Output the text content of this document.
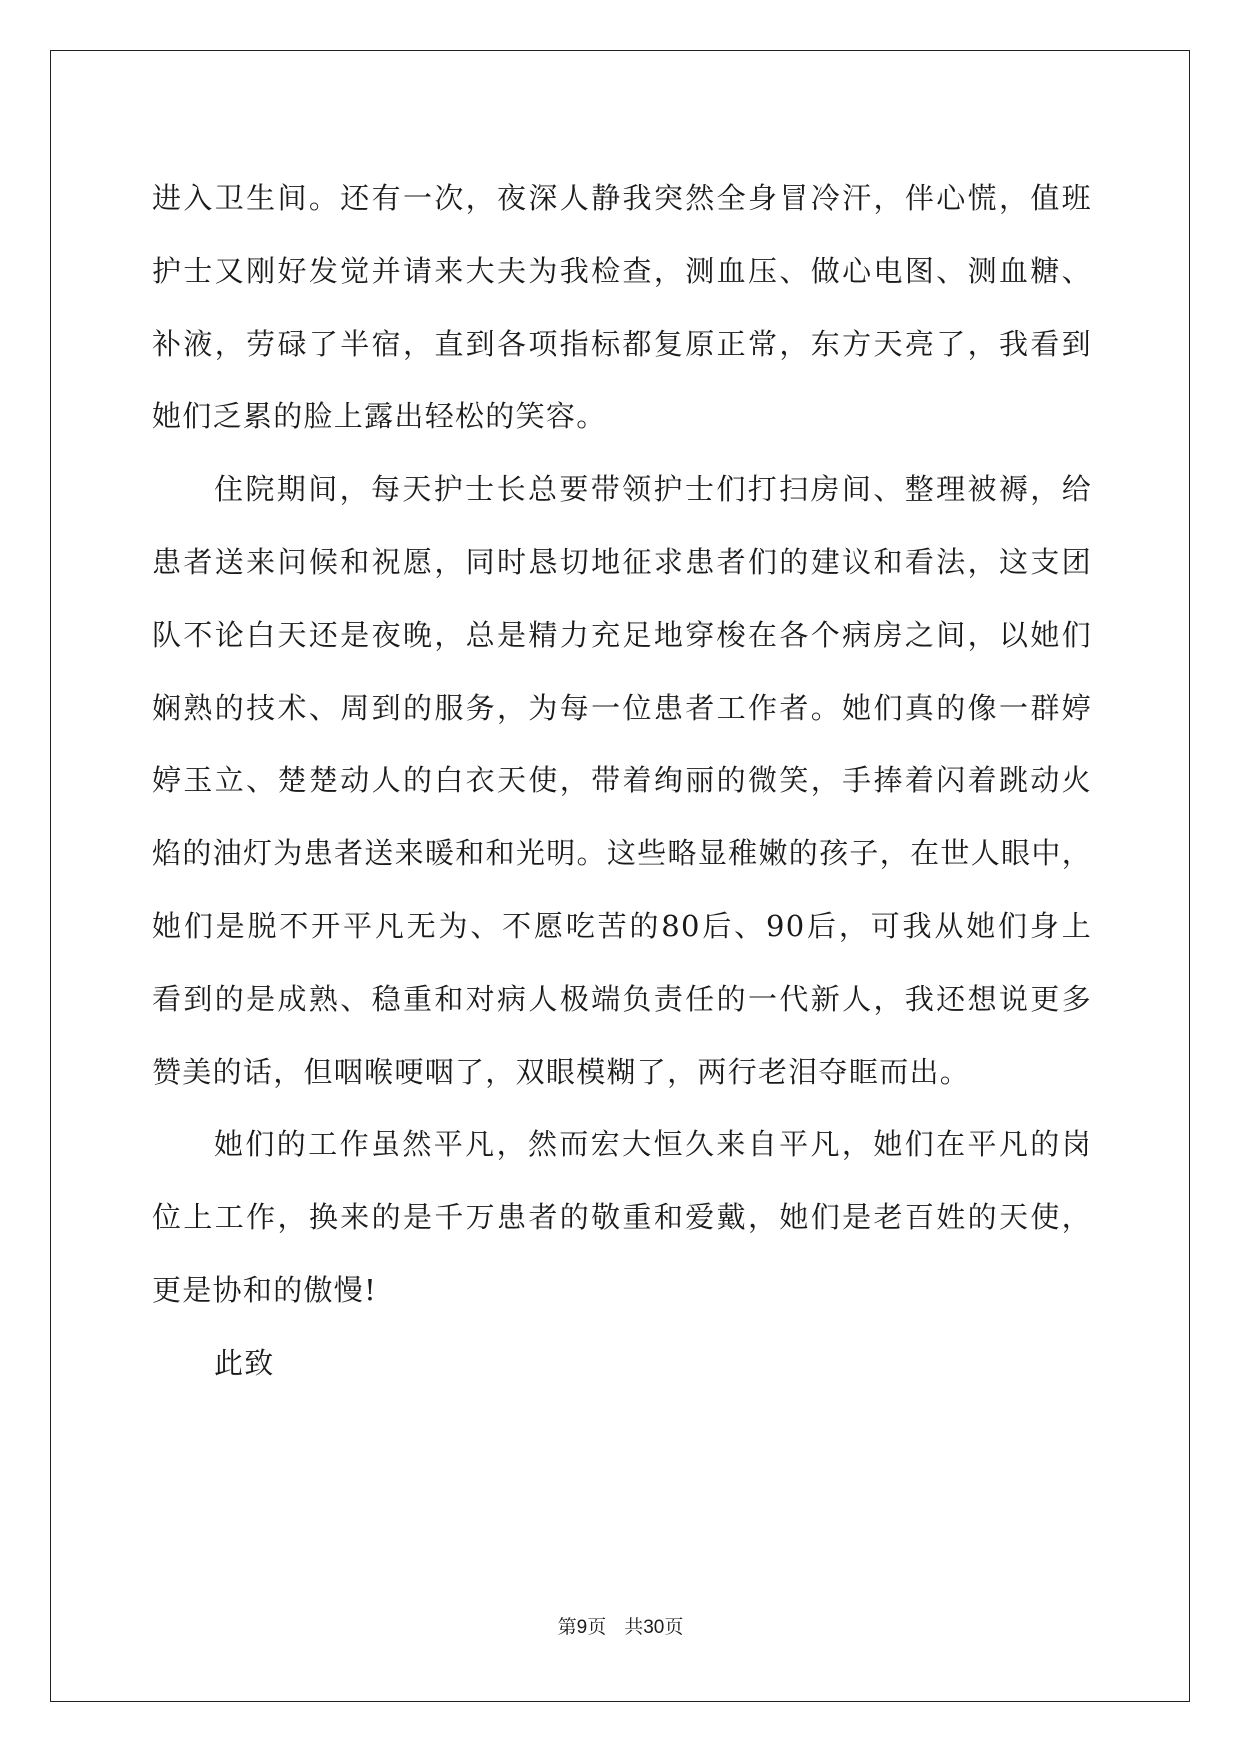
进入卫生间。还有一次，夜深人静我突然全身冒冷汗，伴心慌，值班
护士又刚好发觉并请来大夫为我检查，测血压、做心电图、测血糖、
补液，劳碌了半宿，直到各项指标都复原正常，东方天亮了，我看到
她们乏累的脸上露出轻松的笑容。
住院期间，每天护士长总要带领护士们打扫房间、整理被褥，给
患者送来问候和祝愿，同时恳切地征求患者们的建议和看法，这支团
队不论白天还是夜晚，总是精力充足地穿梭在各个病房之间，以她们
娴熟的技术、周到的服务，为每一位患者工作者。她们真的像一群婷
婷玉立、楚楚动人的白衣天使，带着绚丽的微笑，手捧着闪着跳动火
焰的油灯为患者送来暖和和光明。这些略显稚嫩的孩子，在世人眼中，
她们是脱不开平凡无为、不愿吃苦的80后、90后，可我从她们身上
看到的是成熟、稳重和对病人极端负责任的一代新人，我还想说更多
赞美的话，但咽喉哽咽了，双眼模糊了，两行老泪夺眶而出。
她们的工作虽然平凡，然而宏大恒久来自平凡，她们在平凡的岗
位上工作，换来的是千万患者的敬重和爱戴，她们是老百姓的天使，
更是协和的傲慢!
此致
第9页 共30页
